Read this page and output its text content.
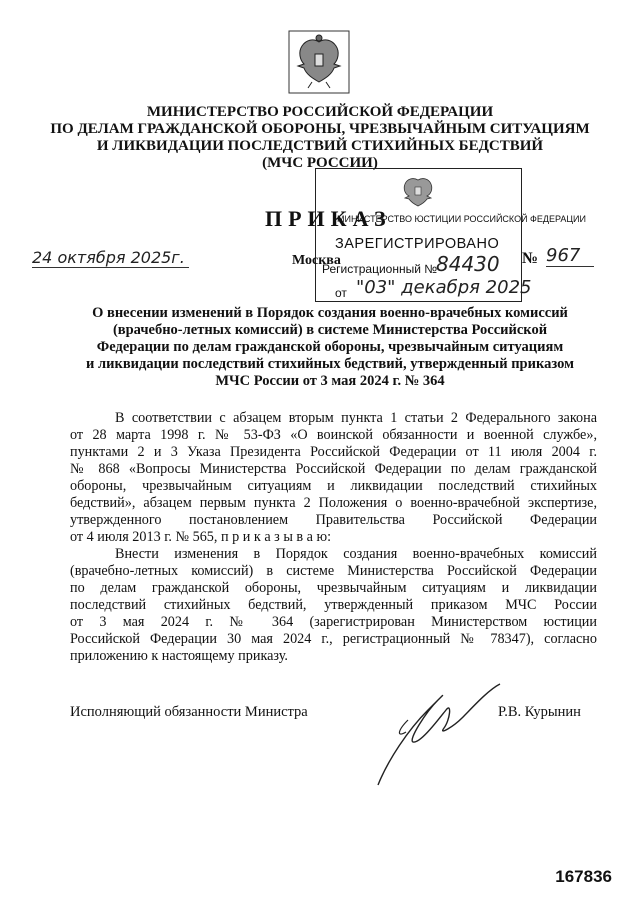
МИНИСТЕРСТВО РОССИЙСКОЙ ФЕДЕРАЦИИ
ПО ДЕЛАМ ГРАЖДАНСКОЙ ОБОРОНЫ, ЧРЕЗВЫЧАЙНЫМ СИТУАЦИЯМ
И ЛИКВИДАЦИИ ПОСЛЕДСТВИЙ СТИХИЙНЫХ БЕДСТВИЙ
(МЧС РОССИИ)
ПРИКАЗ
МИНИСТЕРСТВО ЮСТИЦИИ РОССИЙСКОЙ ФЕДЕРАЦИИ
ЗАРЕГИСТРИРОВАНО
24 октября 2025г.	Москва	№ 967
Регистрационный №
84430
от "03" декабря 2025
О внесении изменений в Порядок создания военно-врачебных комиссий
(врачебно-летных комиссий) в системе Министерства Российской
Федерации по делам гражданской обороны, чрезвычайным ситуациям
и ликвидации последствий стихийных бедствий, утвержденный приказом
МЧС России от 3 мая 2024 г. № 364
В соответствии с абзацем вторым пункта 1 статьи 2 Федерального закона
от 28 марта 1998 г. № 53-ФЗ «О воинской обязанности и военной службе»,
пунктами 2 и 3 Указа Президента Российской Федерации от 11 июля 2004 г.
№ 868 «Вопросы Министерства Российской Федерации по делам гражданской
обороны, чрезвычайным ситуациям и ликвидации последствий стихийных
бедствий», абзацем первым пункта 2 Положения о военно-врачебной экспертизе,
утвержденного постановлением Правительства Российской Федерации
от 4 июля 2013 г. № 565, п р и к а з ы в а ю:
Внести изменения в Порядок создания военно-врачебных комиссий
(врачебно-летных комиссий) в системе Министерства Российской Федерации
по делам гражданской обороны, чрезвычайным ситуациям и ликвидации
последствий стихийных бедствий, утвержденный приказом МЧС России
от 3 мая 2024 г. № 364 (зарегистрирован Министерством юстиции
Российской Федерации 30 мая 2024 г., регистрационный № 78347), согласно
приложению к настоящему приказу.
Исполняющий обязанности Министра	Р.В. Курынин
167836
